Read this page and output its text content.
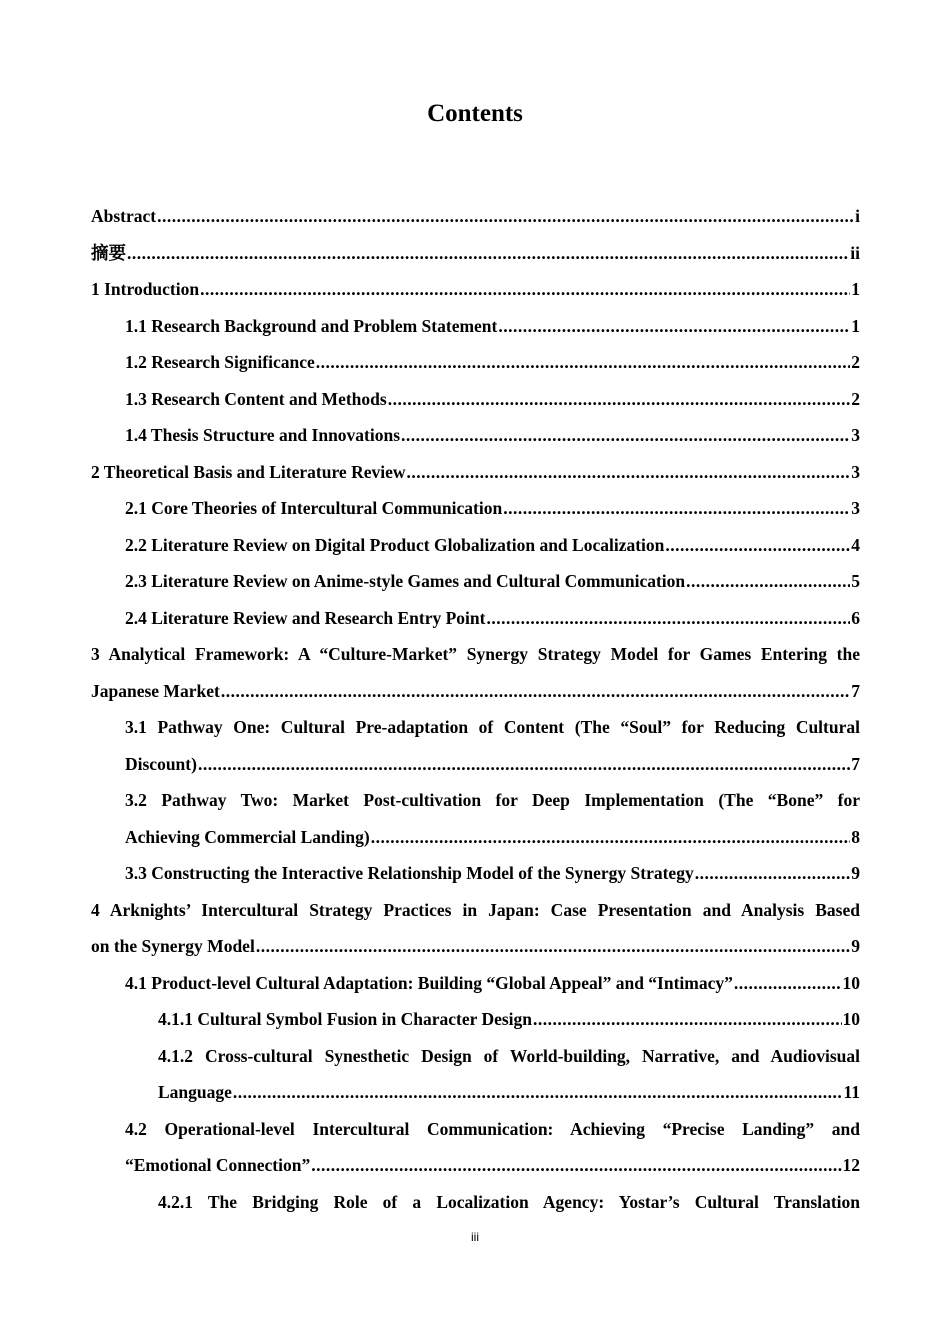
Contents
Abstract .....	i
摘要 .....	ii
1 Introduction .....	1
1.1 Research Background and Problem Statement .....	1
1.2 Research Significance .....	2
1.3 Research Content and Methods .....	2
1.4 Thesis Structure and Innovations .....	3
2 Theoretical Basis and Literature Review .....	3
2.1 Core Theories of Intercultural Communication .....	3
2.2 Literature Review on Digital Product Globalization and Localization .....	4
2.3 Literature Review on Anime-style Games and Cultural Communication .....	5
2.4 Literature Review and Research Entry Point .....	6
3 Analytical Framework: A “Culture-Market” Synergy Strategy Model for Games Entering the
Japanese Market .....	7
3.1 Pathway One: Cultural Pre-adaptation of Content (The “Soul” for Reducing Cultural
Discount) .....	7
3.2 Pathway Two: Market Post-cultivation for Deep Implementation (The “Bone” for
Achieving Commercial Landing) .....	8
3.3 Constructing the Interactive Relationship Model of the Synergy Strategy .....	9
4 Arknights’ Intercultural Strategy Practices in Japan: Case Presentation and Analysis Based
on the Synergy Model .....	9
4.1 Product-level Cultural Adaptation: Building “Global Appeal” and “Intimacy” .....	10
4.1.1 Cultural Symbol Fusion in Character Design .....	10
4.1.2 Cross-cultural Synesthetic Design of World-building, Narrative, and Audiovisual
Language .....	11
4.2 Operational-level Intercultural Communication: Achieving “Precise Landing” and
“Emotional Connection” .....	12
4.2.1 The Bridging Role of a Localization Agency: Yostar’s Cultural Translation
iii
